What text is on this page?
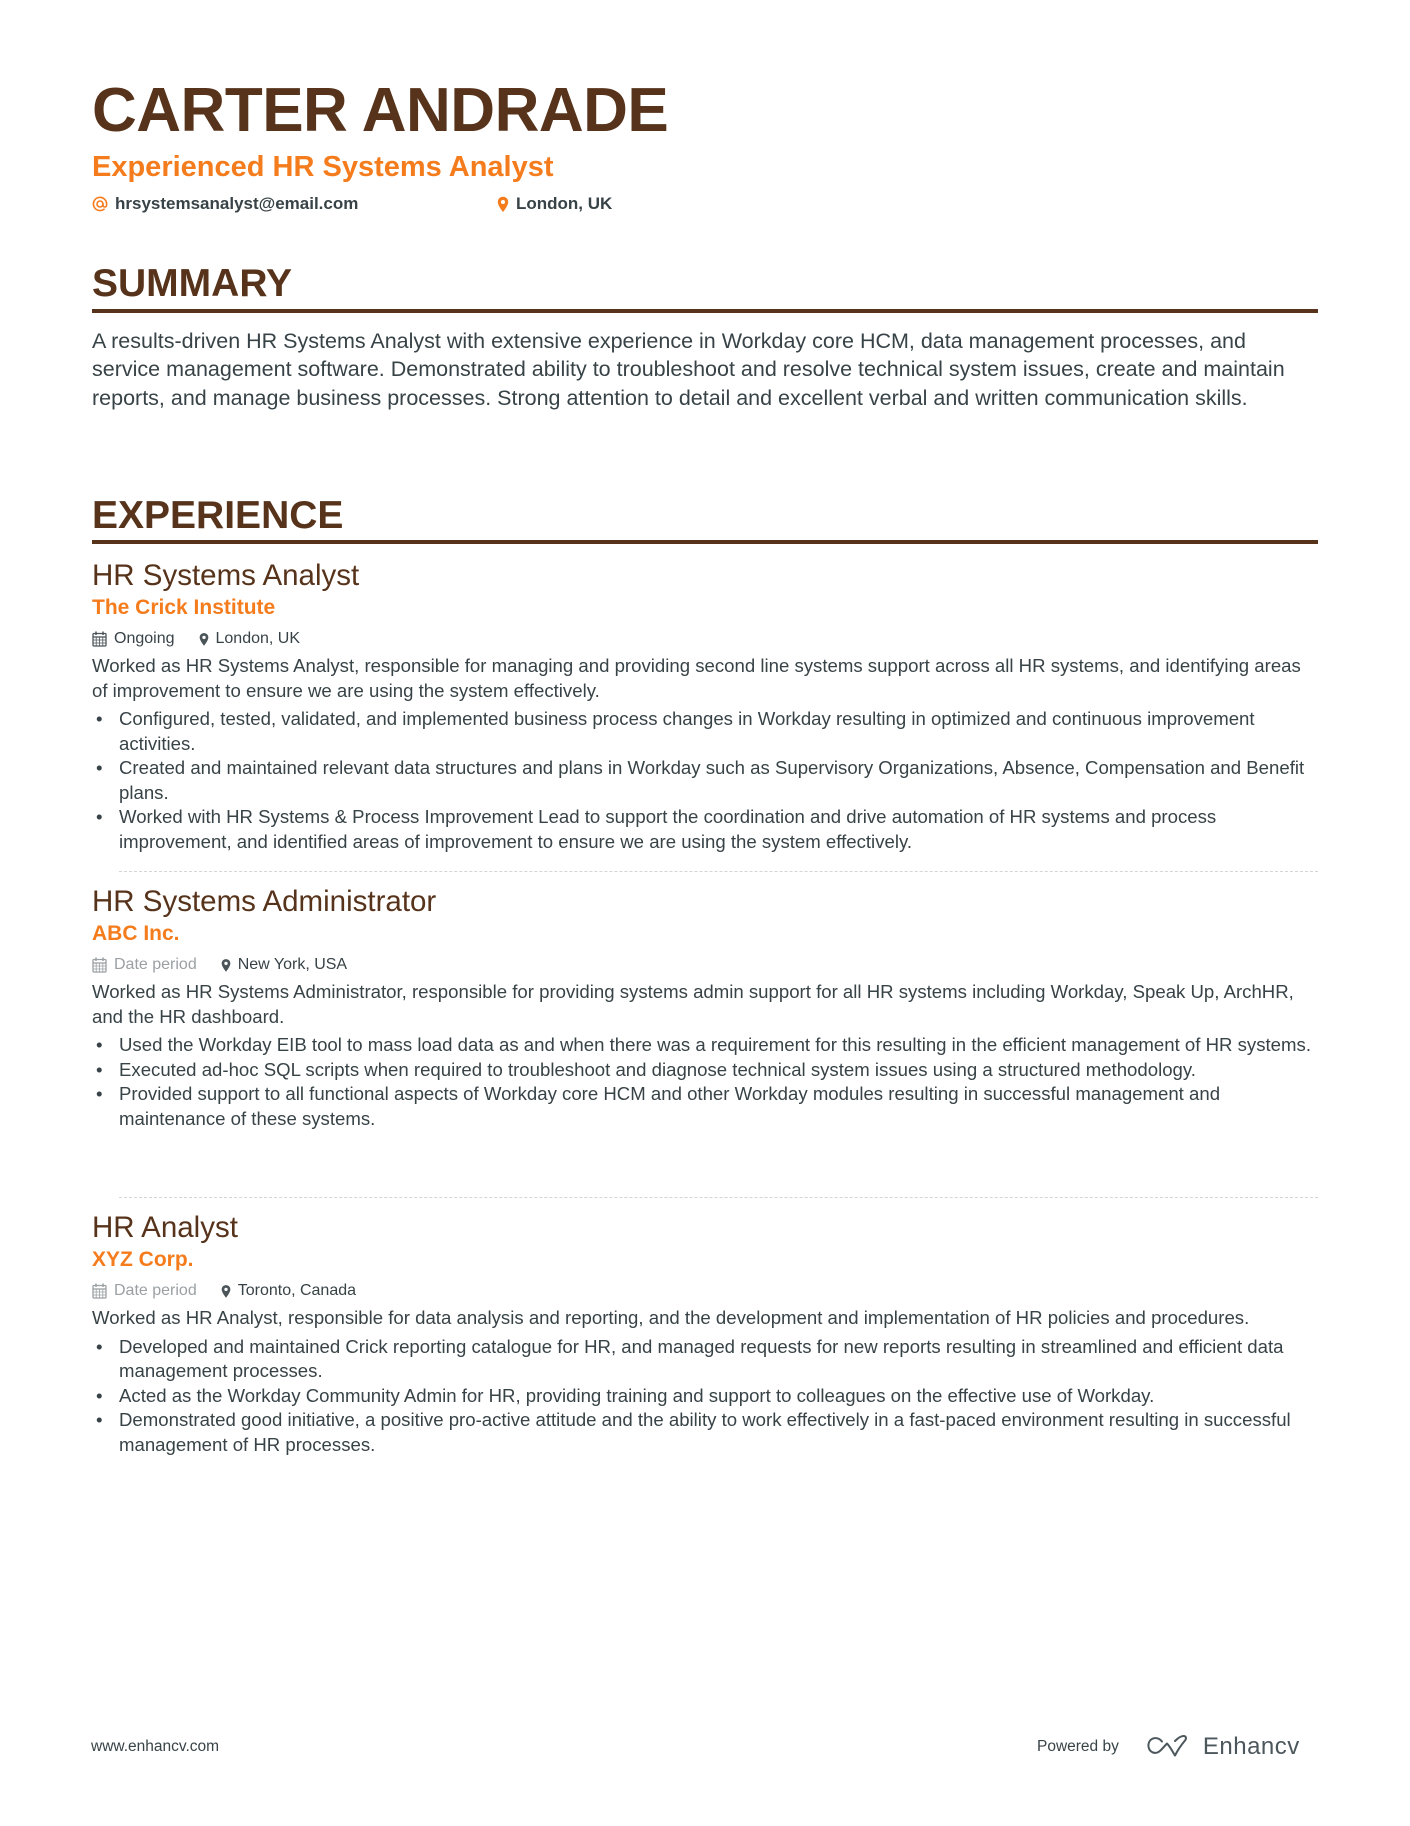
CARTER ANDRADE
Experienced HR Systems Analyst
hrsystemsanalyst@email.com	London, UK
SUMMARY

A results-driven HR Systems Analyst with extensive experience in Workday core HCM, data management processes, and service management software. Demonstrated ability to troubleshoot and resolve technical system issues, create and maintain reports, and manage business processes. Strong attention to detail and excellent verbal and written communication skills.

EXPERIENCE
HR Systems Analyst
The Crick Institute
Ongoing	London, UK

Worked as HR Systems Analyst, responsible for managing and providing second line systems support across all HR systems, and identifying areas of improvement to ensure we are using the system effectively.

• Configured, tested, validated, and implemented business process changes in Workday resulting in optimized and continuous improvement activities.
• Created and maintained relevant data structures and plans in Workday such as Supervisory Organizations, Absence, Compensation and Benefit plans.
• Worked with HR Systems & Process Improvement Lead to support the coordination and drive automation of HR systems and process improvement, and identified areas of improvement to ensure we are using the system effectively.
HR Systems Administrator
ABC Inc.
Date period	New York, USA

Worked as HR Systems Administrator, responsible for providing systems admin support for all HR systems including Workday, Speak Up, ArchHR, and the HR dashboard.

• Used the Workday EIB tool to mass load data as and when there was a requirement for this resulting in the efficient management of HR systems.
• Executed ad-hoc SQL scripts when required to troubleshoot and diagnose technical system issues using a structured methodology.
• Provided support to all functional aspects of Workday core HCM and other Workday modules resulting in successful management and maintenance of these systems.
HR Analyst
XYZ Corp.
Date period	Toronto, Canada

Worked as HR Analyst, responsible for data analysis and reporting, and the development and implementation of HR policies and procedures.

• Developed and maintained Crick reporting catalogue for HR, and managed requests for new reports resulting in streamlined and efficient data management processes.
• Acted as the Workday Community Admin for HR, providing training and support to colleagues on the effective use of Workday.
• Demonstrated good initiative, a positive pro-active attitude and the ability to work effectively in a fast-paced environment resulting in successful management of HR processes.
www.enhancv.com	Powered by	Enhancv
